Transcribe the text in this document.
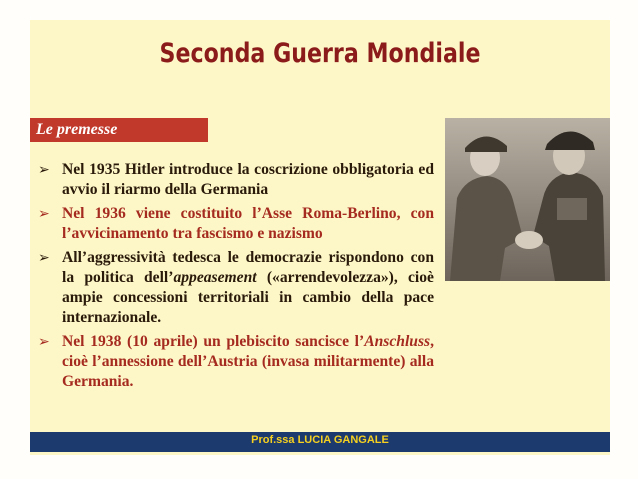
Seconda Guerra Mondiale
Le premesse
➢ Nel 1935 Hitler introduce la coscrizione obbligatoria ed avvio il riarmo della Germania
➢ Nel 1936 viene costituito l’Asse Roma-Berlino, con l’avvicinamento tra fascismo e nazismo
➢ All’aggressività tedesca le democrazie rispondono con la politica dell’appeasement («arrendevolezza»), cioè ampie concessioni territoriali in cambio della pace internazionale.
➢ Nel 1938 (10 aprile) un plebiscito sancisce l’Anschluss, cioè l’annessione dell’Austria (invasa militarmente) alla Germania.
Prof.ssa LUCIA GANGALE
